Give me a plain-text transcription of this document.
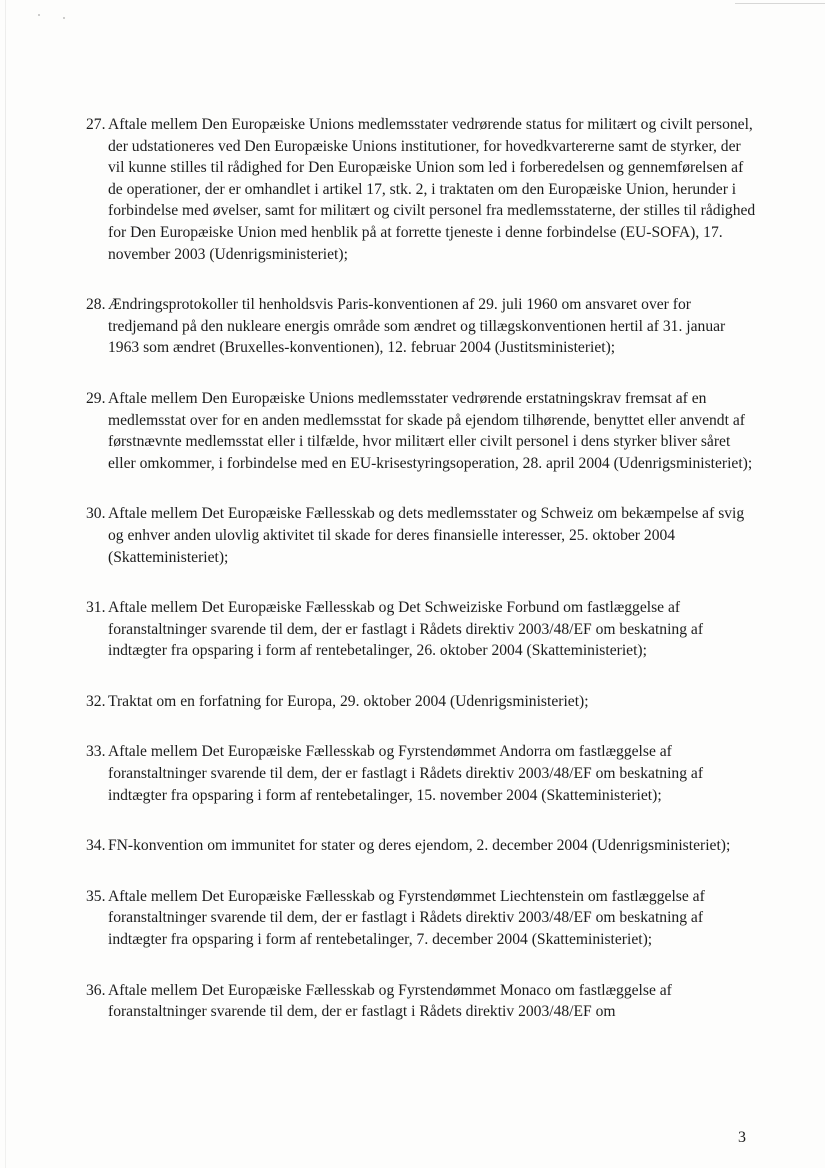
27. Aftale mellem Den Europæiske Unions medlemsstater vedrørende status for militært og civilt personel, der udstationeres ved Den Europæiske Unions institutioner, for hovedkvartererne samt de styrker, der vil kunne stilles til rådighed for Den Europæiske Union som led i forberedelsen og gennemførelsen af de operationer, der er omhandlet i artikel 17, stk. 2, i traktaten om den Europæiske Union, herunder i forbindelse med øvelser, samt for militært og civilt personel fra medlemsstaterne, der stilles til rådighed for Den Europæiske Union med henblik på at forrette tjeneste i denne forbindelse (EU-SOFA), 17. november 2003 (Udenrigsministeriet);
28. Ændringsprotokoller til henholdsvis Paris-konventionen af 29. juli 1960 om ansvaret over for tredjemand på den nukleare energis område som ændret og tillægskonventionen hertil af 31. januar 1963 som ændret (Bruxelles-konventionen), 12. februar 2004 (Justitsministeriet);
29. Aftale mellem Den Europæiske Unions medlemsstater vedrørende erstatningskrav fremsat af en medlemsstat over for en anden medlemsstat for skade på ejendom tilhørende, benyttet eller anvendt af førstnævnte medlemsstat eller i tilfælde, hvor militært eller civilt personel i dens styrker bliver såret eller omkommer, i forbindelse med en EU-krisestyringsoperation, 28. april 2004 (Udenrigsministeriet);
30. Aftale mellem Det Europæiske Fællesskab og dets medlemsstater og Schweiz om bekæmpelse af svig og enhver anden ulovlig aktivitet til skade for deres finansielle interesser, 25. oktober 2004 (Skatteministeriet);
31. Aftale mellem Det Europæiske Fællesskab og Det Schweiziske Forbund om fastlæggelse af foranstaltninger svarende til dem, der er fastlagt i Rådets direktiv 2003/48/EF om beskatning af indtægter fra opsparing i form af rentebetalinger, 26. oktober 2004 (Skatteministeriet);
32. Traktat om en forfatning for Europa, 29. oktober 2004 (Udenrigsministeriet);
33. Aftale mellem Det Europæiske Fællesskab og Fyrstendømmet Andorra om fastlæggelse af foranstaltninger svarende til dem, der er fastlagt i Rådets direktiv 2003/48/EF om beskatning af indtægter fra opsparing i form af rentebetalinger, 15. november 2004 (Skatteministeriet);
34. FN-konvention om immunitet for stater og deres ejendom, 2. december 2004 (Udenrigsministeriet);
35. Aftale mellem Det Europæiske Fællesskab og Fyrstendømmet Liechtenstein om fastlæggelse af foranstaltninger svarende til dem, der er fastlagt i Rådets direktiv 2003/48/EF om beskatning af indtægter fra opsparing i form af rentebetalinger, 7. december 2004 (Skatteministeriet);
36. Aftale mellem Det Europæiske Fællesskab og Fyrstendømmet Monaco om fastlæggelse af foranstaltninger svarende til dem, der er fastlagt i Rådets direktiv 2003/48/EF om
3
